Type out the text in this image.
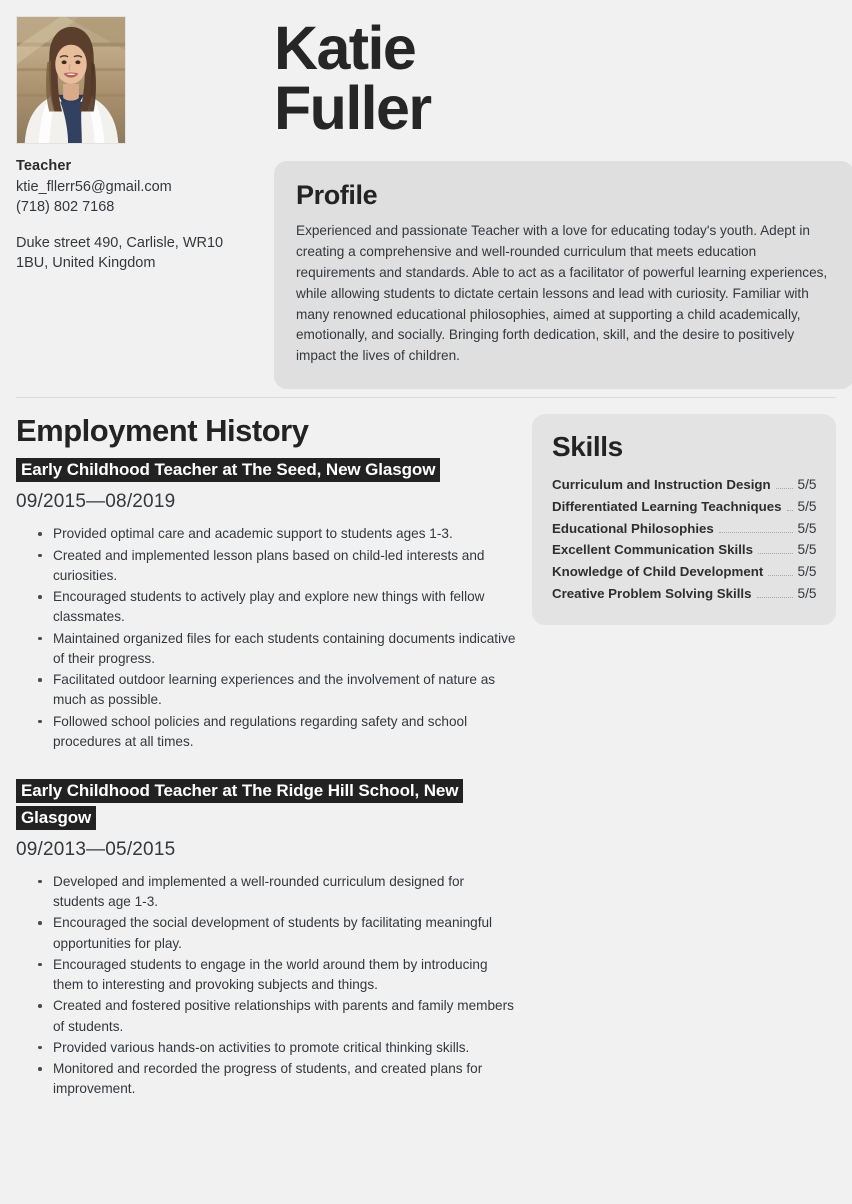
Teacher
ktie_fllerr56@gmail.com
(718) 802 7168
Duke street 490, Carlisle, WR10 1BU, United Kingdom
Katie
Fuller
Profile
Experienced and passionate Teacher with a love for educating today's youth. Adept in creating a comprehensive and well-rounded curriculum that meets education requirements and standards. Able to act as a facilitator of powerful learning experiences, while allowing students to dictate certain lessons and lead with curiosity. Familiar with many renowned educational philosophies, aimed at supporting a child academically, emotionally, and socially. Bringing forth dedication, skill, and the desire to positively impact the lives of children.
Employment History
Early Childhood Teacher at The Seed, New Glasgow
09/2015—08/2019
Provided optimal care and academic support to students ages 1-3.
Created and implemented lesson plans based on child-led interests and curiosities.
Encouraged students to actively play and explore new things with fellow classmates.
Maintained organized files for each students containing documents indicative of their progress.
Facilitated outdoor learning experiences and the involvement of nature as much as possible.
Followed school policies and regulations regarding safety and school procedures at all times.
Early Childhood Teacher at The Ridge Hill School, New Glasgow
09/2013—05/2015
Developed and implemented a well-rounded curriculum designed for students age 1-3.
Encouraged the social development of students by facilitating meaningful opportunities for play.
Encouraged students to engage in the world around them by introducing them to interesting and provoking subjects and things.
Created and fostered positive relationships with parents and family members of students.
Provided various hands-on activities to promote critical thinking skills.
Monitored and recorded the progress of students, and created plans for improvement.
Skills
Curriculum and Instruction Design 5/5
Differentiated Learning Teachniques 5/5
Educational Philosophies	5/5
Excellent Communication Skills	5/5
Knowledge of Child Development	5/5
Creative Problem Solving Skills	5/5
